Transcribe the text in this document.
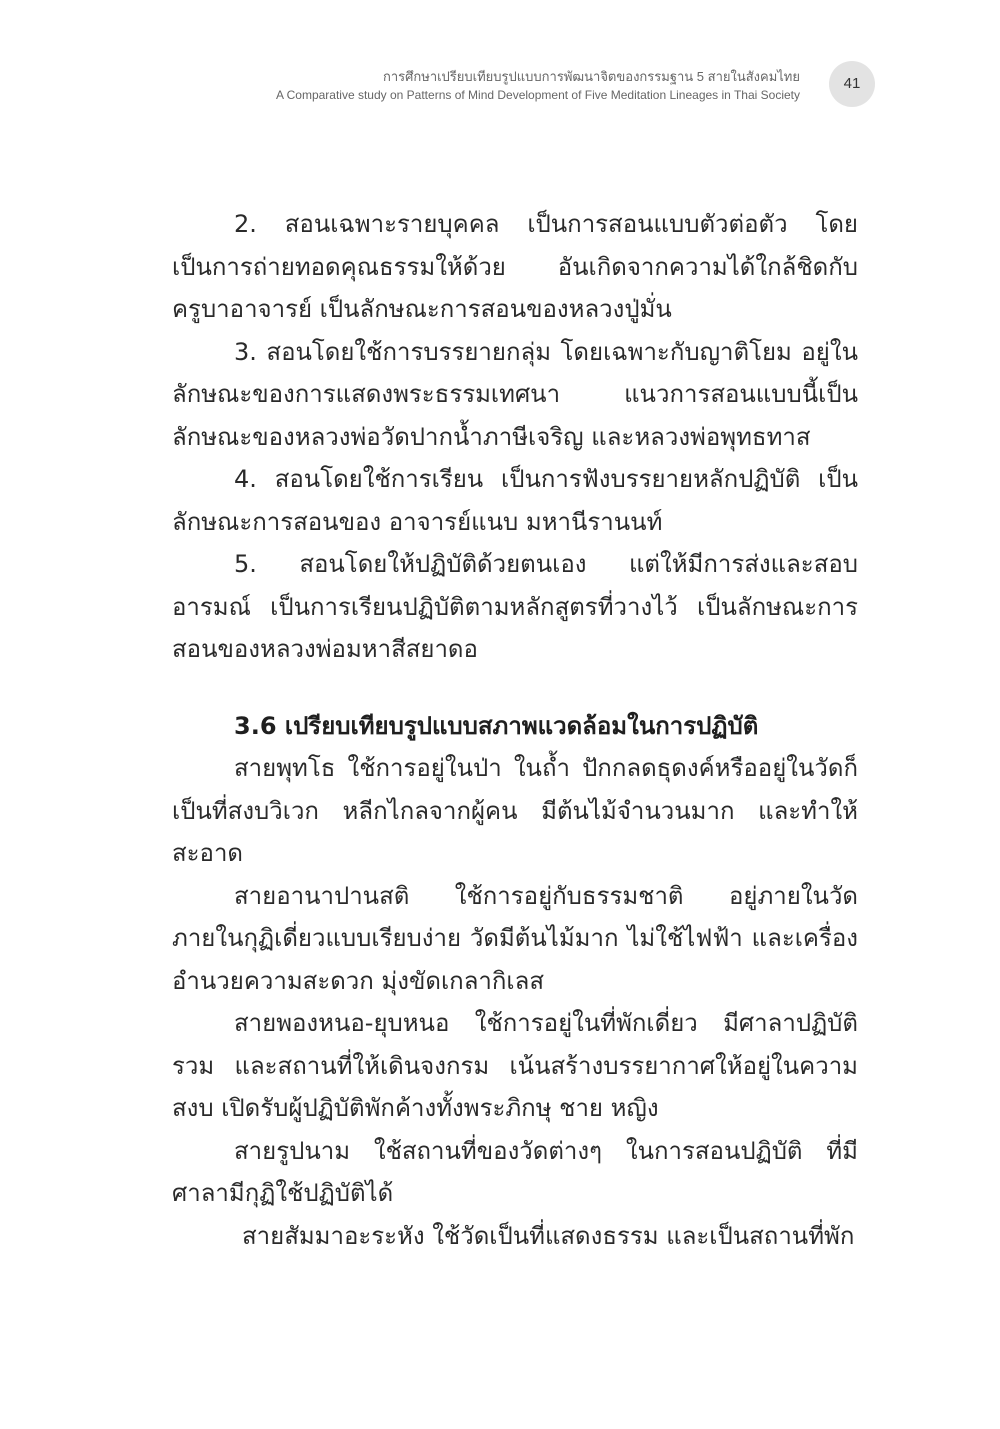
การศึกษาเปรียบเทียบรูปแบบการพัฒนาจิตของกรรมฐาน 5 สายในสังคมไทย
A Comparative study on Patterns of Mind Development of Five Meditation Lineages in Thai Society
41

2. สอนเฉพาะรายบุคคล เป็นการสอนแบบตัวต่อตัว โดยเป็นการถ่ายทอดคุณธรรมให้ด้วย อันเกิดจากความได้ใกล้ชิดกับครูบาอาจารย์ เป็นลักษณะการสอนของหลวงปู่มั่น

3. สอนโดยใช้การบรรยายกลุ่ม โดยเฉพาะกับญาติโยม อยู่ในลักษณะของการแสดงพระธรรมเทศนา แนวการสอนแบบนี้เป็นลักษณะของหลวงพ่อวัดปากน้ำภาษีเจริญ และหลวงพ่อพุทธทาส

4. สอนโดยใช้การเรียน เป็นการฟังบรรยายหลักปฏิบัติ เป็นลักษณะการสอนของ อาจารย์แนบ มหานีรานนท์

5. สอนโดยให้ปฏิบัติด้วยตนเอง แต่ให้มีการส่งและสอบอารมณ์ เป็นการเรียนปฏิบัติตามหลักสูตรที่วางไว้ เป็นลักษณะการสอนของหลวงพ่อมหาสีสยาดอ

3.6 เปรียบเทียบรูปแบบสภาพแวดล้อมในการปฏิบัติ

สายพุทโธ ใช้การอยู่ในป่า ในถ้ำ ปักกลดธุดงค์หรืออยู่ในวัดก็เป็นที่สงบวิเวก หลีกไกลจากผู้คน มีต้นไม้จำนวนมาก และทำให้สะอาด

สายอานาปานสติ ใช้การอยู่กับธรรมชาติ อยู่ภายในวัด ภายในกุฏิเดี่ยวแบบเรียบง่าย วัดมีต้นไม้มาก ไม่ใช้ไฟฟ้า และเครื่องอำนวยความสะดวก มุ่งขัดเกลากิเลส

สายพองหนอ-ยุบหนอ ใช้การอยู่ในที่พักเดี่ยว มีศาลาปฏิบัติรวม และสถานที่ให้เดินจงกรม เน้นสร้างบรรยากาศให้อยู่ในความสงบ เปิดรับผู้ปฏิบัติพักค้างทั้งพระภิกษุ ชาย หญิง

สายรูปนาม ใช้สถานที่ของวัดต่างๆ ในการสอนปฏิบัติ ที่มีศาลามีกุฏิใช้ปฏิบัติได้

สายสัมมาอะระหัง ใช้วัดเป็นที่แสดงธรรม และเป็นสถานที่พัก
